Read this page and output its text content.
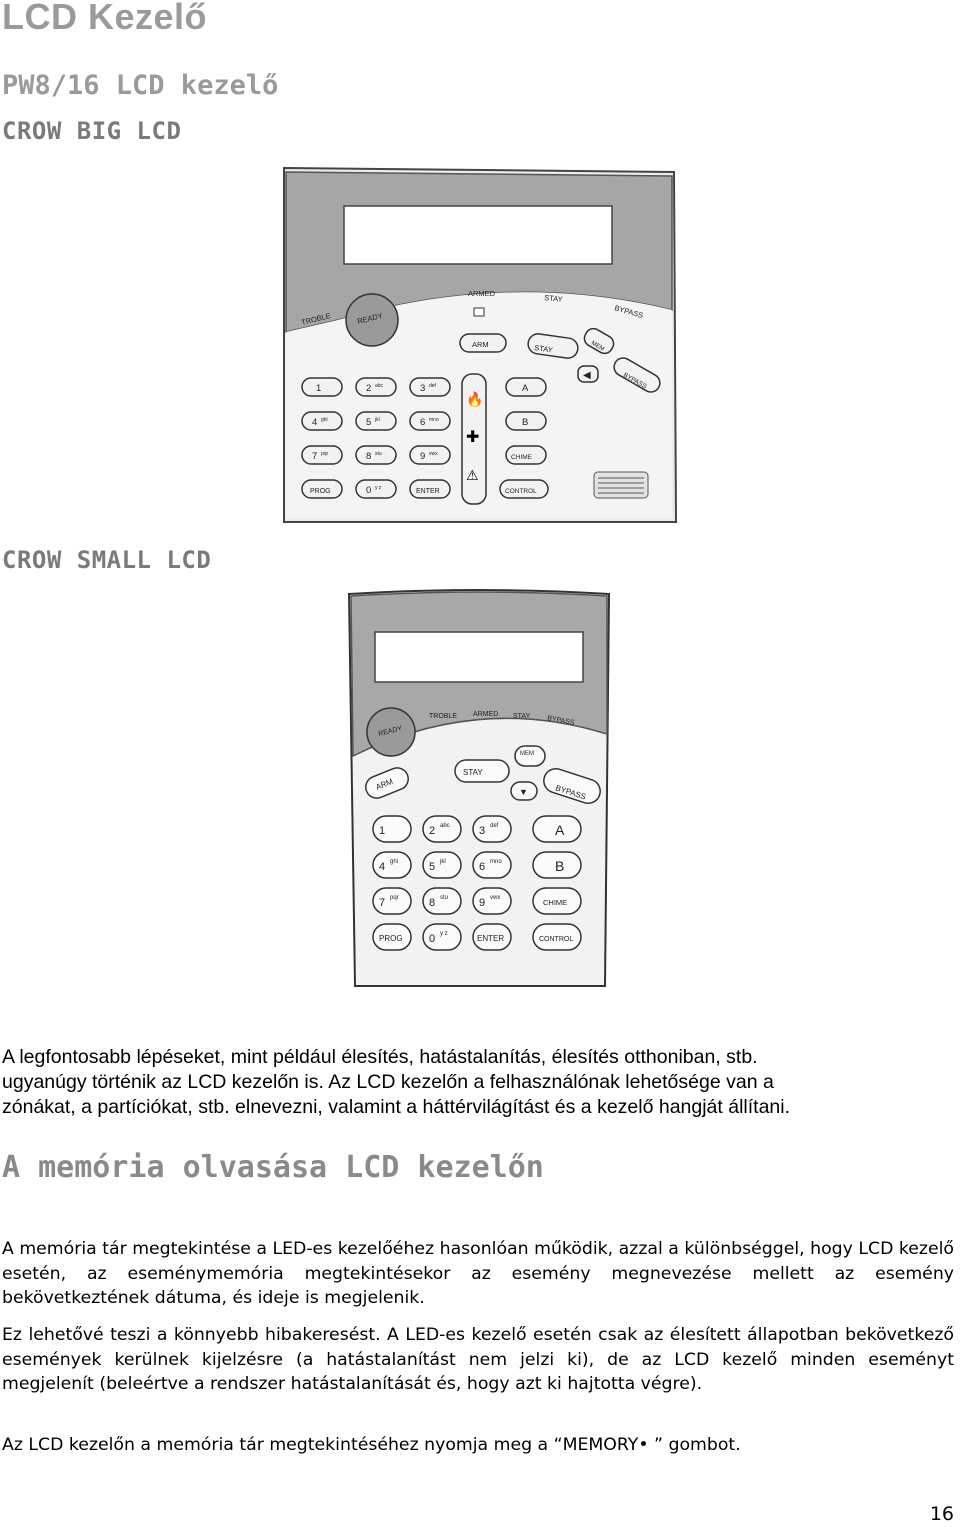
LCD Kezelő
PW8/16 LCD kezelő
CROW BIG LCD
TROBLE	READY
ARMED	STAY
BYPASS
ARM	STAY	MEM
◀	BYPASS
1	2 abc	3 def
4 ghi	5 jkl	6 mno
7 pqr	8 stu	9 vwx
PROG	0 y z	ENTER
🔥
✚
⚠
A
B
CHIME
CONTROL
CROW SMALL LCD
READY
TROBLE ARMED STAY BYPASS
ARM
STAY
MEM
▼	BYPASS
1	2 abc	3 def
4 ghi	5 jkl	6 mno
7 pqr	8 stu	9 vwx
PROG 0 y z	ENTER
A
B
CHIME
CONTROL
A legfontosabb lépéseket, mint például élesítés, hatástalanítás, élesítés otthoniban, stb.
ugyanúgy történik az LCD kezelőn is. Az LCD kezelőn a felhasználónak lehetősége van a
zónákat, a partíciókat, stb. elnevezni, valamint a háttérvilágítást és a kezelő hangját állítani.
A memória olvasása LCD kezelőn
A memória tár megtekintése a LED-es kezelőéhez hasonlóan működik, azzal a különbséggel, hogy LCD kezelő esetén, az eseménymemória megtekintésekor az esemény megnevezése mellett az esemény bekövetkeztének dátuma, és ideje is megjelenik.
Ez lehetővé teszi a könnyebb hibakeresést. A LED-es kezelő esetén csak az élesített állapotban bekövetkező események kerülnek kijelzésre (a hatástalanítást nem jelzi ki), de az LCD kezelő minden eseményt megjelenít (beleértve a rendszer hatástalanítását és, hogy azt ki hajtotta végre).
Az LCD kezelőn a memória tár megtekintéséhez nyomja meg a “MEMORY• ” gombot.
16
